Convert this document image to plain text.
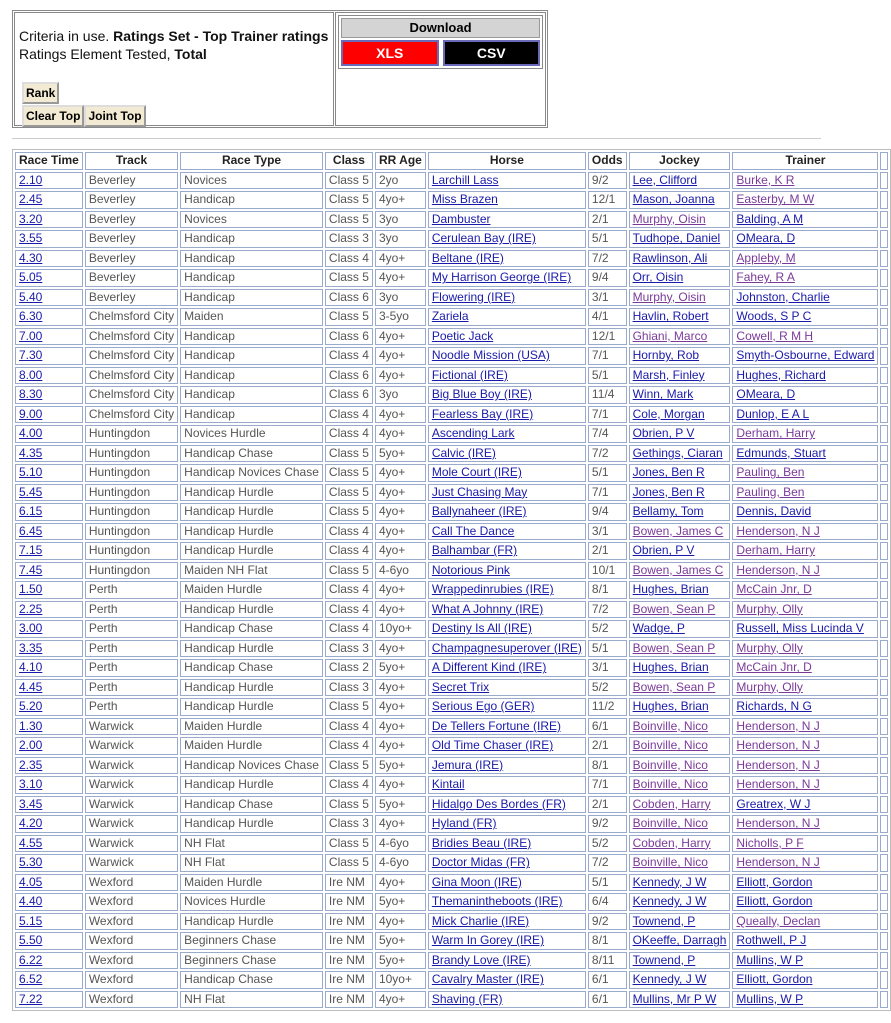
Criteria in use. Ratings Set - Top Trainer ratings
Ratings Element Tested, Total
Rank
Clear Top Joint Top
Download
XLS	CSV
Race Time	Track	Race Type	Class	RR Age	Horse	Odds	Jockey	Trainer	
2.10	Beverley	Novices	Class 5	2yo	Larchill Lass	9/2	Lee, Clifford	Burke, K R	
2.45	Beverley	Handicap	Class 5	4yo+	Miss Brazen	12/1	Mason, Joanna	Easterby, M W	
3.20	Beverley	Novices	Class 5	3yo	Dambuster	2/1	Murphy, Oisin	Balding, A M	
3.55	Beverley	Handicap	Class 3	3yo	Cerulean Bay (IRE)	5/1	Tudhope, Daniel	OMeara, D	
4.30	Beverley	Handicap	Class 4	4yo+	Beltane (IRE)	7/2	Rawlinson, Ali	Appleby, M	
5.05	Beverley	Handicap	Class 5	4yo+	My Harrison George (IRE)	9/4	Orr, Oisin	Fahey, R A	
5.40	Beverley	Handicap	Class 6	3yo	Flowering (IRE)	3/1	Murphy, Oisin	Johnston, Charlie	
6.30	Chelmsford City	Maiden	Class 5	3-5yo	Zariela	4/1	Havlin, Robert	Woods, S P C	
7.00	Chelmsford City	Handicap	Class 6	4yo+	Poetic Jack	12/1	Ghiani, Marco	Cowell, R M H	
7.30	Chelmsford City	Handicap	Class 4	4yo+	Noodle Mission (USA)	7/1	Hornby, Rob	Smyth-Osbourne, Edward	
8.00	Chelmsford City	Handicap	Class 6	4yo+	Fictional (IRE)	5/1	Marsh, Finley	Hughes, Richard	
8.30	Chelmsford City	Handicap	Class 6	3yo	Big Blue Boy (IRE)	11/4	Winn, Mark	OMeara, D	
9.00	Chelmsford City	Handicap	Class 4	4yo+	Fearless Bay (IRE)	7/1	Cole, Morgan	Dunlop, E A L	
4.00	Huntingdon	Novices Hurdle	Class 4	4yo+	Ascending Lark	7/4	Obrien, P V	Derham, Harry	
4.35	Huntingdon	Handicap Chase	Class 5	5yo+	Calvic (IRE)	7/2	Gethings, Ciaran	Edmunds, Stuart	
5.10	Huntingdon	Handicap Novices Chase	Class 5	4yo+	Mole Court (IRE)	5/1	Jones, Ben R	Pauling, Ben	
5.45	Huntingdon	Handicap Hurdle	Class 5	4yo+	Just Chasing May	7/1	Jones, Ben R	Pauling, Ben	
6.15	Huntingdon	Handicap Hurdle	Class 5	4yo+	Ballynaheer (IRE)	9/4	Bellamy, Tom	Dennis, David	
6.45	Huntingdon	Handicap Hurdle	Class 4	4yo+	Call The Dance	3/1	Bowen, James C	Henderson, N J	
7.15	Huntingdon	Handicap Hurdle	Class 4	4yo+	Balhambar (FR)	2/1	Obrien, P V	Derham, Harry	
7.45	Huntingdon	Maiden NH Flat	Class 5	4-6yo	Notorious Pink	10/1	Bowen, James C	Henderson, N J	
1.50	Perth	Maiden Hurdle	Class 4	4yo+	Wrappedinrubies (IRE)	8/1	Hughes, Brian	McCain Jnr, D	
2.25	Perth	Handicap Hurdle	Class 4	4yo+	What A Johnny (IRE)	7/2	Bowen, Sean P	Murphy, Olly	
3.00	Perth	Handicap Chase	Class 4	10yo+	Destiny Is All (IRE)	5/2	Wadge, P	Russell, Miss Lucinda V	
3.35	Perth	Handicap Hurdle	Class 3	4yo+	Champagnesuperover (IRE)	5/1	Bowen, Sean P	Murphy, Olly	
4.10	Perth	Handicap Chase	Class 2	5yo+	A Different Kind (IRE)	3/1	Hughes, Brian	McCain Jnr, D	
4.45	Perth	Handicap Hurdle	Class 3	4yo+	Secret Trix	5/2	Bowen, Sean P	Murphy, Olly	
5.20	Perth	Handicap Hurdle	Class 5	4yo+	Serious Ego (GER)	11/2	Hughes, Brian	Richards, N G	
1.30	Warwick	Maiden Hurdle	Class 4	4yo+	De Tellers Fortune (IRE)	6/1	Boinville, Nico	Henderson, N J	
2.00	Warwick	Maiden Hurdle	Class 4	4yo+	Old Time Chaser (IRE)	2/1	Boinville, Nico	Henderson, N J	
2.35	Warwick	Handicap Novices Chase	Class 5	5yo+	Jemura (IRE)	8/1	Boinville, Nico	Henderson, N J	
3.10	Warwick	Handicap Hurdle	Class 4	4yo+	Kintail	7/1	Boinville, Nico	Henderson, N J	
3.45	Warwick	Handicap Chase	Class 5	5yo+	Hidalgo Des Bordes (FR)	2/1	Cobden, Harry	Greatrex, W J	
4.20	Warwick	Handicap Hurdle	Class 3	4yo+	Hyland (FR)	9/2	Boinville, Nico	Henderson, N J	
4.55	Warwick	NH Flat	Class 5	4-6yo	Bridies Beau (IRE)	5/2	Cobden, Harry	Nicholls, P F	
5.30	Warwick	NH Flat	Class 5	4-6yo	Doctor Midas (FR)	7/2	Boinville, Nico	Henderson, N J	
4.05	Wexford	Maiden Hurdle	Ire NM	4yo+	Gina Moon (IRE)	5/1	Kennedy, J W	Elliott, Gordon	
4.40	Wexford	Novices Hurdle	Ire NM	5yo+	Themanintheboots (IRE)	6/4	Kennedy, J W	Elliott, Gordon	
5.15	Wexford	Handicap Hurdle	Ire NM	4yo+	Mick Charlie (IRE)	9/2	Townend, P	Queally, Declan	
5.50	Wexford	Beginners Chase	Ire NM	5yo+	Warm In Gorey (IRE)	8/1	OKeeffe, Darragh	Rothwell, P J	
6.22	Wexford	Beginners Chase	Ire NM	5yo+	Brandy Love (IRE)	8/11	Townend, P	Mullins, W P	
6.52	Wexford	Handicap Chase	Ire NM	10yo+	Cavalry Master (IRE)	6/1	Kennedy, J W	Elliott, Gordon	
7.22	Wexford	NH Flat	Ire NM	4yo+	Shaving (FR)	6/1	Mullins, Mr P W	Mullins, W P	
